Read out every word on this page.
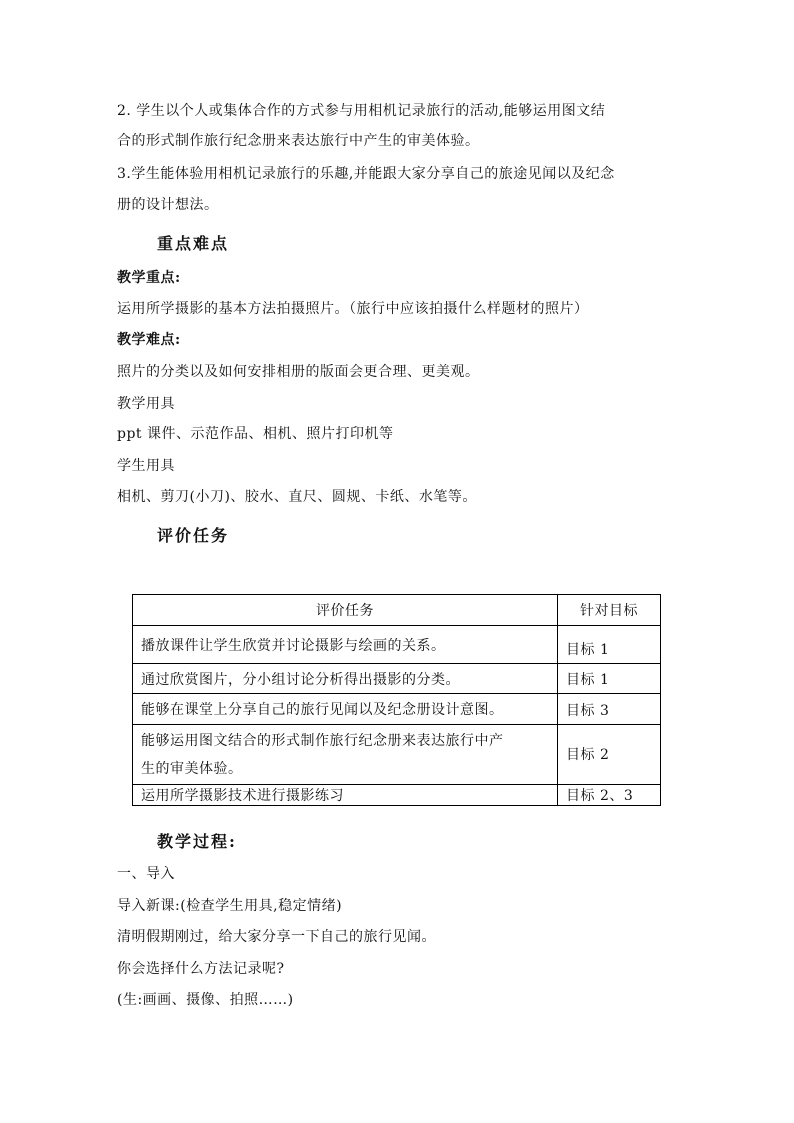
2. 学生以个人或集体合作的方式参与用相机记录旅行的活动,能够运用图文结
合的形式制作旅行纪念册来表达旅行中产生的审美体验。
3.学生能体验用相机记录旅行的乐趣,并能跟大家分享自己的旅途见闻以及纪念
册的设计想法。
重点难点
教学重点:
运用所学摄影的基本方法拍摄照片。（旅行中应该拍摄什么样题材的照片）
教学难点:
照片的分类以及如何安排相册的版面会更合理、更美观。
教学用具
ppt 课件、示范作品、相机、照片打印机等
学生用具
相机、剪刀(小刀)、胶水、直尺、圆规、卡纸、水笔等。
评价任务
评价任务	针对目标
播放课件让学生欣赏并讨论摄影与绘画的关系。	目标 1
通过欣赏图片，分小组讨论分析得出摄影的分类。	目标 1
能够在课堂上分享自己的旅行见闻以及纪念册设计意图。	目标 3

能够运用图文结合的形式制作旅行纪念册来表达旅行中产
生的审美体验。	目标 2
运用所学摄影技术进行摄影练习	目标 2、3
教学过程:
一、导入
导入新课:(检查学生用具,稳定情绪)
清明假期刚过，给大家分享一下自己的旅行见闻。
你会选择什么方法记录呢?
(生:画画、摄像、拍照……)
